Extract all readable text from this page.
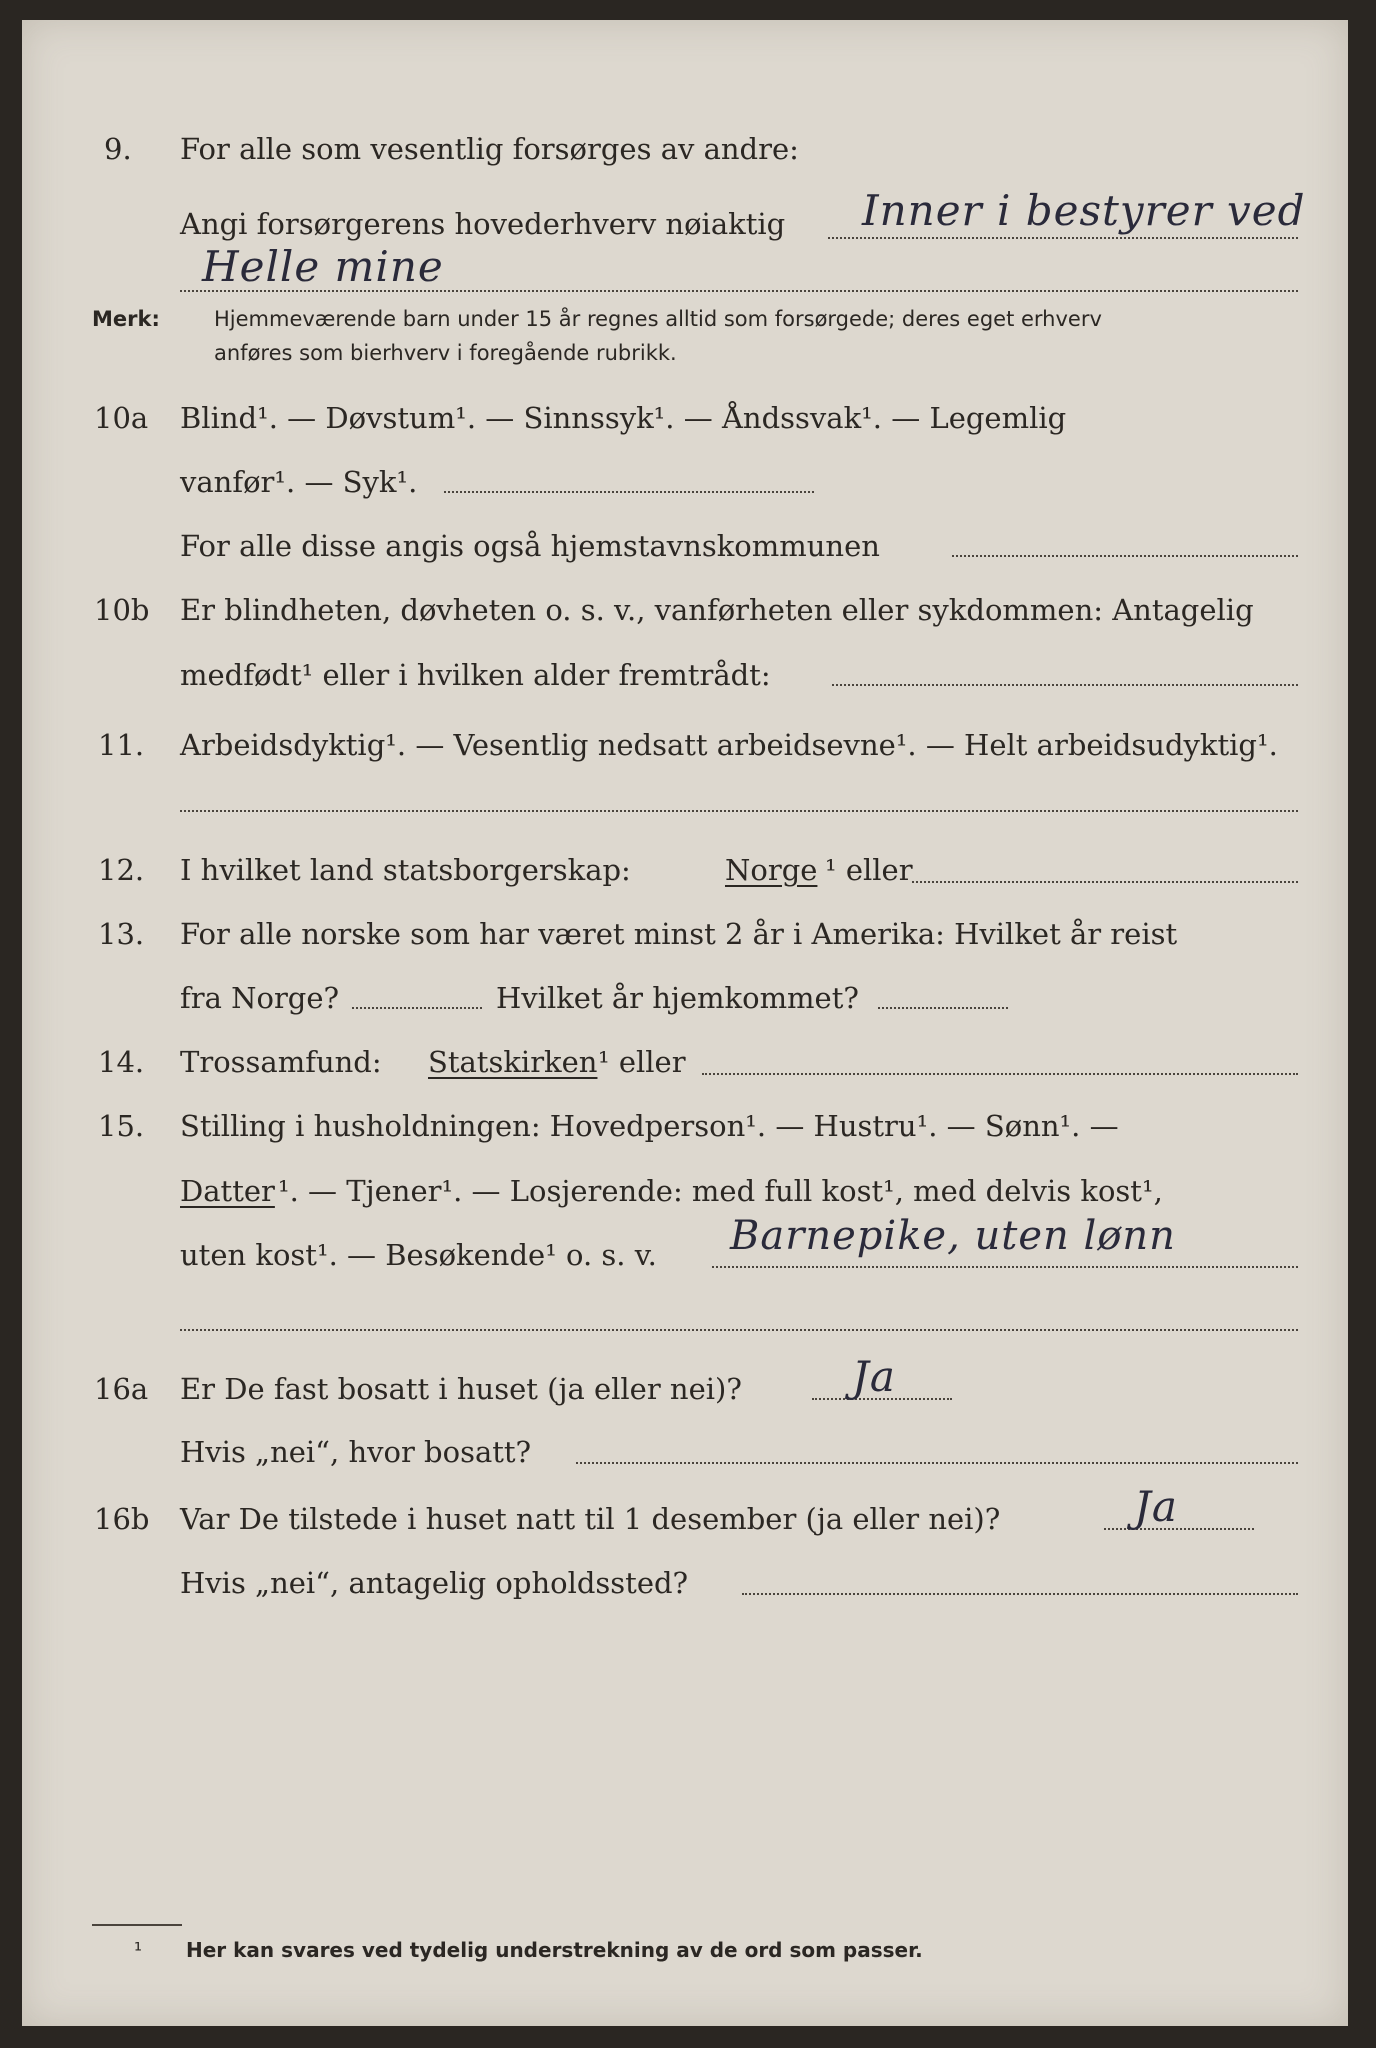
9. For alle som vesentlig forsørges av andre:
Angi forsørgerens hovederhverv nøiaktig Inner i bestyrer ved
Helle mine
Merk:	Hjemmeværende barn under 15 år regnes alltid som forsørgede; deres eget erhverv
anføres som bierhverv i foregående rubrikk.
10a Blind¹. — Døvstum¹. — Sinnssyk¹. — Åndssvak¹. — Legemlig
vanfør¹. — Syk¹.
For alle disse angis også hjemstavnskommunen
10b Er blindheten, døvheten o. s. v., vanførheten eller sykdommen: Antagelig
medfødt¹ eller i hvilken alder fremtrådt:
11. Arbeidsdyktig¹. — Vesentlig nedsatt arbeidsevne¹. — Helt arbeidsudyktig¹.
12. I hvilket land statsborgerskap:	Norge ¹ eller
13. For alle norske som har været minst 2 år i Amerika: Hvilket år reist
fra Norge?	Hvilket år hjemkommet?
14. Trossamfund: Statskirken ¹ eller
15. Stilling i husholdningen: Hovedperson¹. — Hustru¹. — Sønn¹. —
Datter ¹. — Tjener¹. — Losjerende: med full kost¹, med delvis kost¹,
uten kost¹. — Besøkende¹ o. s. v. Barnepike, uten lønn
16a Er De fast bosatt i huset (ja eller nei)?	Ja
Hvis „nei“, hvor bosatt?
16b Var De tilstede i huset natt til 1 desember (ja eller nei)?	Ja
Hvis „nei“, antagelig opholdssted?
¹ Her kan svares ved tydelig understrekning av de ord som passer.
